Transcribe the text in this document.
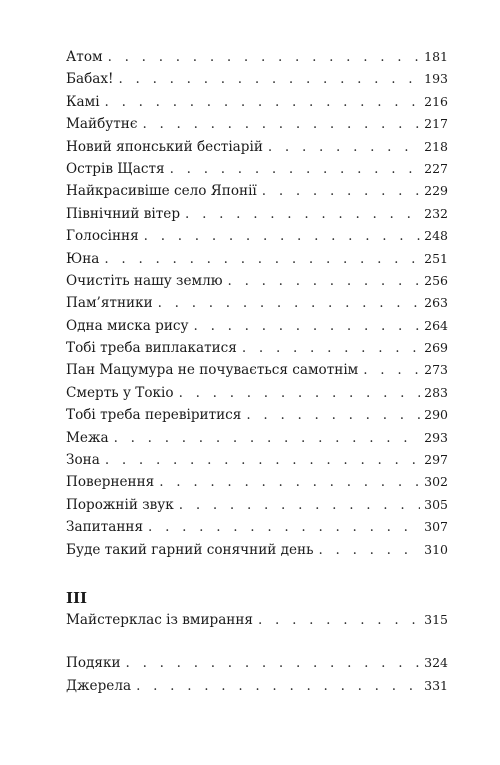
Атом . . .	181
Бабах! . . .	193
Камі . . .	216
Майбутнє . . .	217
Новий японський бестіарій . . .	218
Острів Щастя . . .	227
Найкрасивіше село Японії . . .	229
Північний вітер . . .	232
Голосіння . . .	248
Юна . . .	251
Очистіть нашу землю . . .	256
Пам’ятники . . .	263
Одна миска рису . . .	264
Тобі треба виплакатися . . .	269
Пан Мацумура не почувається самотнім . . .	273
Смерть у Токіо . . .	283
Тобі треба перевіритися . . .	290
Межа . . .	293
Зона . . .	297
Повернення . . .	302
Порожній звук . . .	305
Запитання . . .	307
Буде такий гарний сонячний день . . .	310
III
Майстерклас із вмирання . . .	315
Подяки . . .	324
Джерела . . .	331
